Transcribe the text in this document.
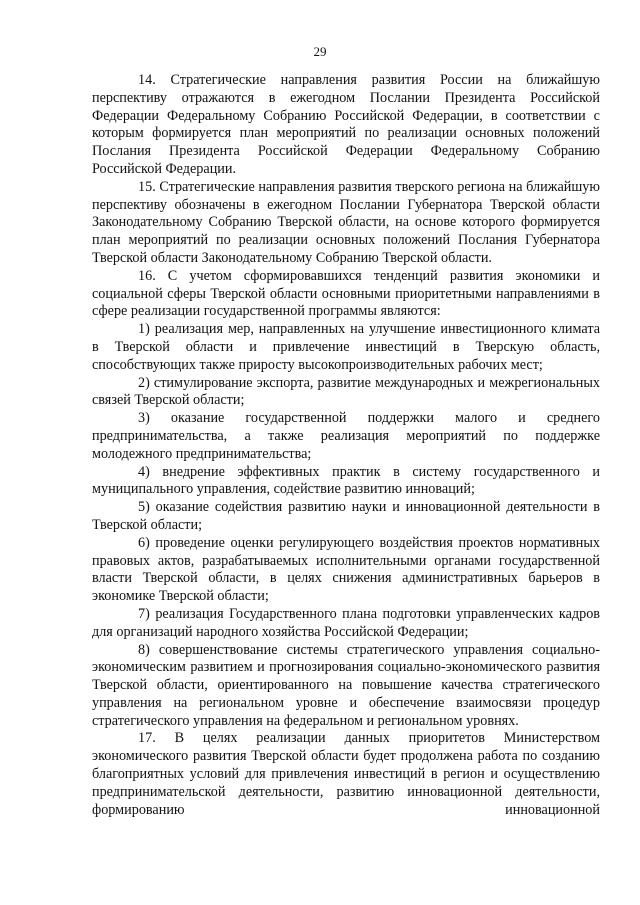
29

14. Стратегические направления развития России на ближайшую перспективу отражаются в ежегодном Послании Президента Российской Федерации Федеральному Собранию Российской Федерации, в соответствии с которым формируется план мероприятий по реализации основных положений Послания Президента Российской Федерации Федеральному Собранию Российской Федерации.

15. Стратегические направления развития тверского региона на ближайшую перспективу обозначены в ежегодном Послании Губернатора Тверской области Законодательному Собранию Тверской области, на основе которого формируется план мероприятий по реализации основных положений Послания Губернатора Тверской области Законодательному Собранию Тверской области.

16. С учетом сформировавшихся тенденций развития экономики и социальной сферы Тверской области основными приоритетными направлениями в сфере реализации государственной программы являются:

1) реализация мер, направленных на улучшение инвестиционного климата в Тверской области и привлечение инвестиций в Тверскую область, способствующих также приросту высокопроизводительных рабочих мест;

2) стимулирование экспорта, развитие международных и межрегиональных связей Тверской области;

3) оказание государственной поддержки малого и среднего предпринимательства, а также реализация мероприятий по поддержке молодежного предпринимательства;

4) внедрение эффективных практик в систему государственного и муниципального управления, содействие развитию инноваций;

5) оказание содействия развитию науки и инновационной деятельности в Тверской области;

6) проведение оценки регулирующего воздействия проектов нормативных правовых актов, разрабатываемых исполнительными органами государственной власти Тверской области, в целях снижения административных барьеров в экономике Тверской области;

7) реализация Государственного плана подготовки управленческих кадров для организаций народного хозяйства Российской Федерации;

8) совершенствование системы стратегического управления социально-экономическим развитием и прогнозирования социально-экономического развития Тверской области, ориентированного на повышение качества стратегического управления на региональном уровне и обеспечение взаимосвязи процедур стратегического управления на федеральном и региональном уровнях.

17. В целях реализации данных приоритетов Министерством экономического развития Тверской области будет продолжена работа по созданию благоприятных условий для привлечения инвестиций в регион и осуществлению предпринимательской деятельности, развитию инновационной деятельности, формированию инновационной
